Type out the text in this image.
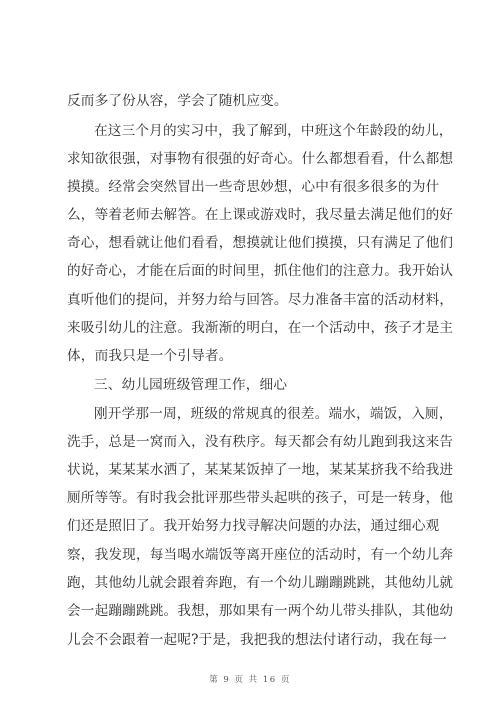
反而多了份从容，学会了随机应变。
在这三个月的实习中，我了解到，中班这个年龄段的幼儿，
求知欲很强，对事物有很强的好奇心。什么都想看看，什么都想
摸摸。经常会突然冒出一些奇思妙想，心中有很多很多的为什
么，等着老师去解答。在上课或游戏时，我尽量去满足他们的好
奇心，想看就让他们看看，想摸就让他们摸摸，只有满足了他们
的好奇心，才能在后面的时间里，抓住他们的注意力。我开始认
真听他们的提问，并努力给与回答。尽力准备丰富的活动材料，
来吸引幼儿的注意。我渐渐的明白，在一个活动中，孩子才是主
体，而我只是一个引导者。
三、幼儿园班级管理工作，细心
刚开学那一周，班级的常规真的很差。端水，端饭，入厕，
洗手，总是一窝而入，没有秩序。每天都会有幼儿跑到我这来告
状说，某某某水洒了，某某某饭掉了一地，某某某挤我不给我进
厕所等等。有时我会批评那些带头起哄的孩子，可是一转身，他
们还是照旧了。我开始努力找寻解决问题的办法，通过细心观
察，我发现，每当喝水端饭等离开座位的活动时，有一个幼儿奔
跑，其他幼儿就会跟着奔跑，有一个幼儿蹦蹦跳跳，其他幼儿就
会一起蹦蹦跳跳。我想，那如果有一两个幼儿带头排队，其他幼
儿会不会跟着一起呢?于是，我把我的想法付诸行动，我在每一
第 9 页 共 16 页
